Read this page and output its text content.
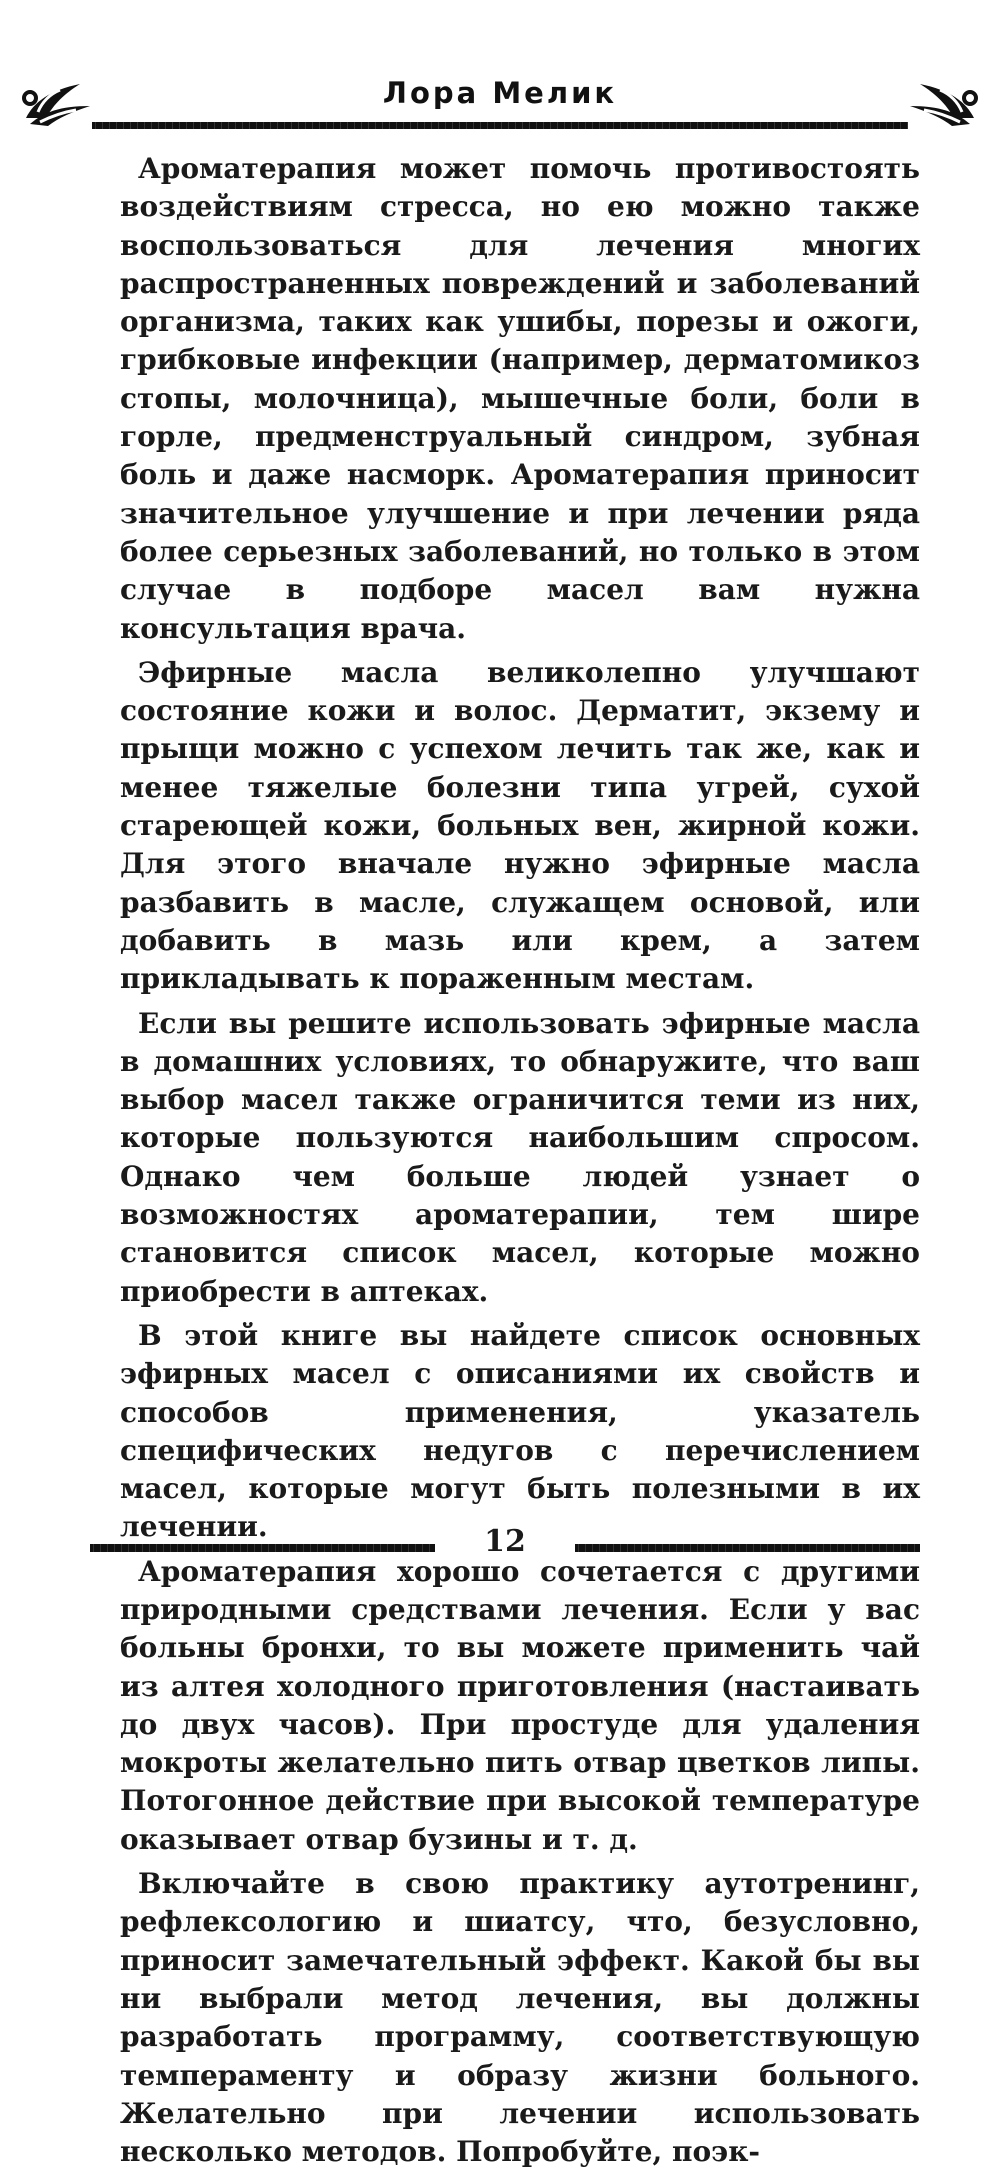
Лора Мелик

Ароматерапия может помочь противостоять воздействиям стресса, но ею можно также воспользоваться для лечения многих распространенных повреждений и заболеваний организма, таких как ушибы, порезы и ожоги, грибковые инфекции (например, дерматомикоз стопы, молочница), мышечные боли, боли в горле, предменструальный синдром, зубная боль и даже насморк. Ароматерапия приносит значительное улучшение и при лечении ряда более серьезных заболеваний, но только в этом случае в подборе масел вам нужна консультация врача.

Эфирные масла великолепно улучшают состояние кожи и волос. Дерматит, экзему и прыщи можно с успехом лечить так же, как и менее тяжелые болезни типа угрей, сухой стареющей кожи, больных вен, жирной кожи. Для этого вначале нужно эфирные масла разбавить в масле, служащем основой, или добавить в мазь или крем, а затем прикладывать к пораженным местам.

Если вы решите использовать эфирные масла в домашних условиях, то обнаружите, что ваш выбор масел также ограничится теми из них, которые пользуются наибольшим спросом. Однако чем больше людей узнает о возможностях ароматерапии, тем шире становится список масел, которые можно приобрести в аптеках.

В этой книге вы найдете список основных эфирных масел с описаниями их свойств и способов применения, указатель специфических недугов с перечислением масел, которые могут быть полезными в их лечении.

Ароматерапия хорошо сочетается с другими природными средствами лечения. Если у вас больны бронхи, то вы можете применить чай из алтея холодного приготовления (настаивать до двух часов). При простуде для удаления мокроты желательно пить отвар цветков липы. Потогонное действие при высокой температуре оказывает отвар бузины и т. д.

Включайте в свою практику аутотренинг, рефлексологию и шиатсу, что, безусловно, приносит замечательный эффект. Какой бы вы ни выбрали метод лечения, вы должны разработать программу, соответствующую темпераменту и образу жизни больного. Желательно при лечении использовать несколько методов. Попробуйте, поэк-

12
